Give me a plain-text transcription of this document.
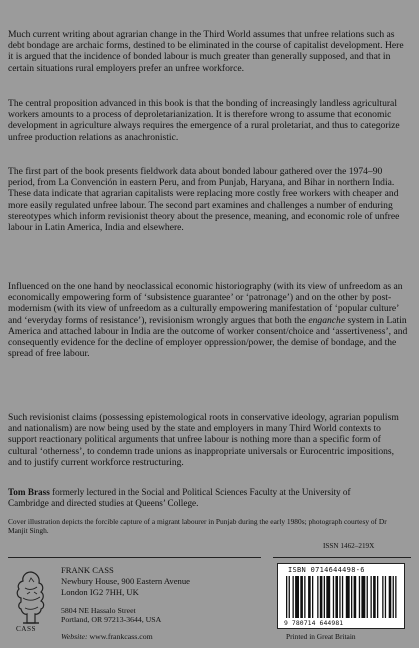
Much current writing about agrarian change in the Third World assumes that unfree relations such as debt bondage are archaic forms, destined to be eliminated in the course of capitalist development. Here it is argued that the incidence of bonded labour is much greater than generally supposed, and that in certain situations rural employers prefer an unfree workforce.

The central proposition advanced in this book is that the bonding of increasingly landless agricultural workers amounts to a process of deproletarianization. It is therefore wrong to assume that economic development in agriculture always requires the emergence of a rural proletariat, and thus to categorize unfree production relations as anachronistic.

The first part of the book presents fieldwork data about bonded labour gathered over the 1974–90 period, from La Convención in eastern Peru, and from Punjab, Haryana, and Bihar in northern India. These data indicate that agrarian capitalists were replacing more costly free workers with cheaper and more easily regulated unfree labour. The second part examines and challenges a number of enduring stereotypes which inform revisionist theory about the presence, meaning, and economic role of unfree labour in Latin America, India and elsewhere.

Influenced on the one hand by neoclassical economic historiography (with its view of unfreedom as an economically empowering form of ‘subsistence guarantee’ or ‘patronage’) and on the other by post-modernism (with its view of unfreedom as a culturally empowering manifestation of ‘popular culture’ and ‘everyday forms of resistance’), revisionism wrongly argues that both the enganche system in Latin America and attached labour in India are the outcome of worker consent/choice and ‘assertiveness’, and consequently evidence for the decline of employer oppression/power, the demise of bondage, and the spread of free labour.

Such revisionist claims (possessing epistemological roots in conservative ideology, agrarian populism and nationalism) are now being used by the state and employers in many Third World contexts to support reactionary political arguments that unfree labour is nothing more than a specific form of cultural ‘otherness’, to condemn trade unions as inappropriate universals or Eurocentric impositions, and to justify current workforce restructuring.

Tom Brass formerly lectured in the Social and Political Sciences Faculty at the University of Cambridge and directed studies at Queens’ College.

Cover illustration depicts the forcible capture of a migrant labourer in Punjab during the early 1980s; photograph courtesy of Dr Manjit Singh.

ISSN 1462–219X
CASS
FRANK CASS
Newbury House, 900 Eastern Avenue
London IG2 7HH, UK
5804 NE Hassalo Street
Portland, OR 97213-3644, USA
Website: www.frankcass.com
ISBN 0714644498-6
9 780714 644981
Printed in Great Britain
